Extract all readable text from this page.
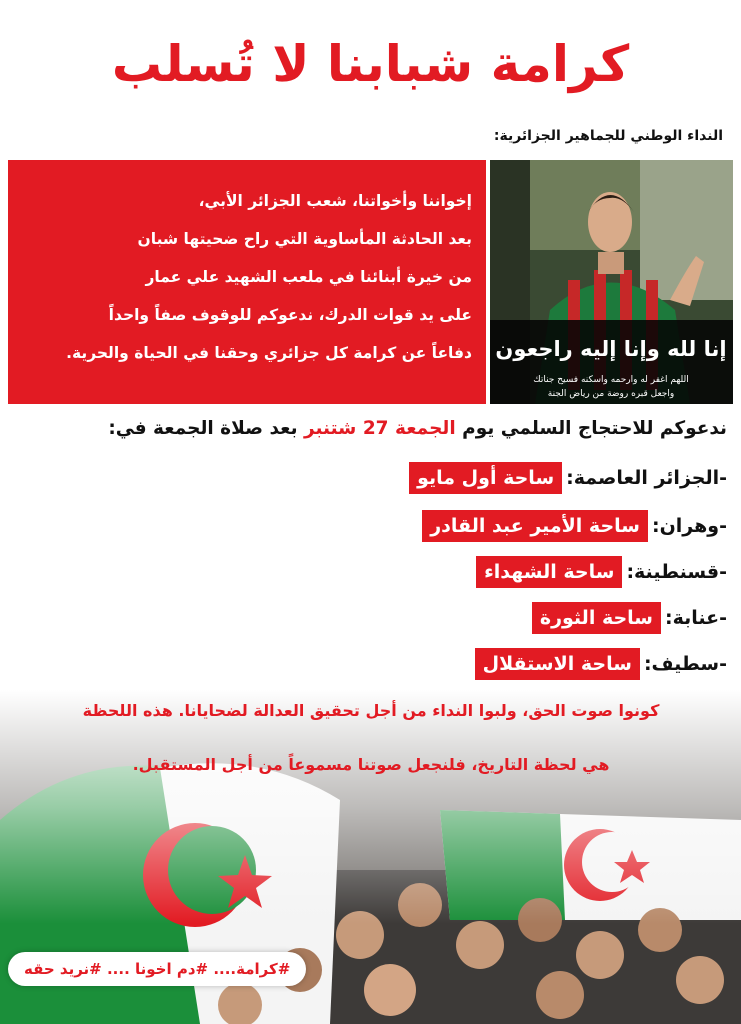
كرامة شبابنا لا تُسلب
النداء الوطني للجماهير الجزائرية:

إخواننا وأخواتنا، شعب الجزائر الأبي،

بعد الحادثة المأساوية التي راح ضحيتها شبان

من خيرة أبنائنا في ملعب الشهيد علي عمار

على يد قوات الدرك، ندعوكم للوقوف صفاً واحداً

دفاعاً عن كرامة كل جزائري وحقنا في الحياة والحرية. إنا لله وإنا إليه راجعون
اللهم اغفر له وارحمه واسكنه فسيح جناتك
واجعل قبره روضة من رياض الجنة
ندعوكم للاحتجاج السلمي يوم الجمعة 27 شتنبر بعد صلاة الجمعة في:
-الجزائر العاصمة:
ساحة أول مايو
-وهران:
ساحة الأمير عبد القادر
-قسنطينة:
ساحة الشهداء
-عنابة:
ساحة الثورة
-سطيف:
ساحة الاستقلال

كونوا صوت الحق، ولبوا النداء من أجل تحقيق العدالة لضحايانا. هذه اللحظة

هي لحظة التاريخ، فلنجعل صوتنا مسموعاً من أجل المستقبل.

#كرامة.... #دم اخونا .... #نريد حقه
